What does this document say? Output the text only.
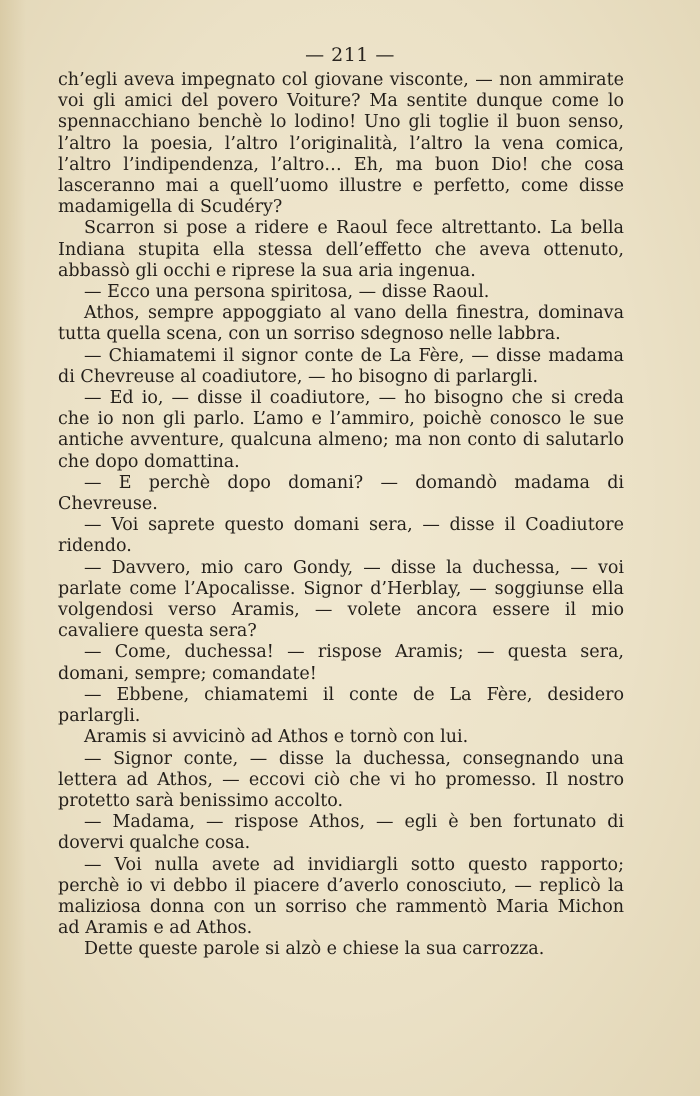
— 211 —

ch’egli aveva impegnato col giovane visconte, — non ammirate voi gli amici del povero Voiture? Ma sentite dunque come lo spennacchiano benchè lo lodino! Uno gli toglie il buon senso, l’altro la poesia, l’altro l’originalità, l’altro la vena comica, l’altro l’indipendenza, l’altro… Eh, ma buon Dio! che cosa lasceranno mai a quell’uomo illustre e perfetto, come disse madamigella di Scudéry?

Scarron si pose a ridere e Raoul fece altrettanto. La bella Indiana stupita ella stessa dell’effetto che aveva ottenuto, abbassò gli occhi e riprese la sua aria ingenua.

— Ecco una persona spiritosa, — disse Raoul.

Athos, sempre appoggiato al vano della finestra, dominava tutta quella scena, con un sorriso sdegnoso nelle labbra.

— Chiamatemi il signor conte de La Fère, — disse madama di Chevreuse al coadiutore, — ho bisogno di parlargli.

— Ed io, — disse il coadiutore, — ho bisogno che si creda che io non gli parlo. L’amo e l’ammiro, poichè conosco le sue antiche avventure, qualcuna almeno; ma non conto di salutarlo che dopo domattina.

— E perchè dopo domani? — domandò madama di Chevreuse.

— Voi saprete questo domani sera, — disse il Coadiutore ridendo.

— Davvero, mio caro Gondy, — disse la duchessa, — voi parlate come l’Apocalisse. Signor d’Herblay, — soggiunse ella volgendosi verso Aramis, — volete ancora essere il mio cavaliere questa sera?

— Come, duchessa! — rispose Aramis; — questa sera, domani, sempre; comandate!

— Ebbene, chiamatemi il conte de La Fère, desidero parlargli.

Aramis si avvicinò ad Athos e tornò con lui.

— Signor conte, — disse la duchessa, consegnando una lettera ad Athos, — eccovi ciò che vi ho promesso. Il nostro protetto sarà benissimo accolto.

— Madama, — rispose Athos, — egli è ben fortunato di dovervi qualche cosa.

— Voi nulla avete ad invidiargli sotto questo rapporto; perchè io vi debbo il piacere d’averlo conosciuto, — replicò la maliziosa donna con un sorriso che rammentò Maria Michon ad Aramis e ad Athos.

Dette queste parole si alzò e chiese la sua carrozza.
